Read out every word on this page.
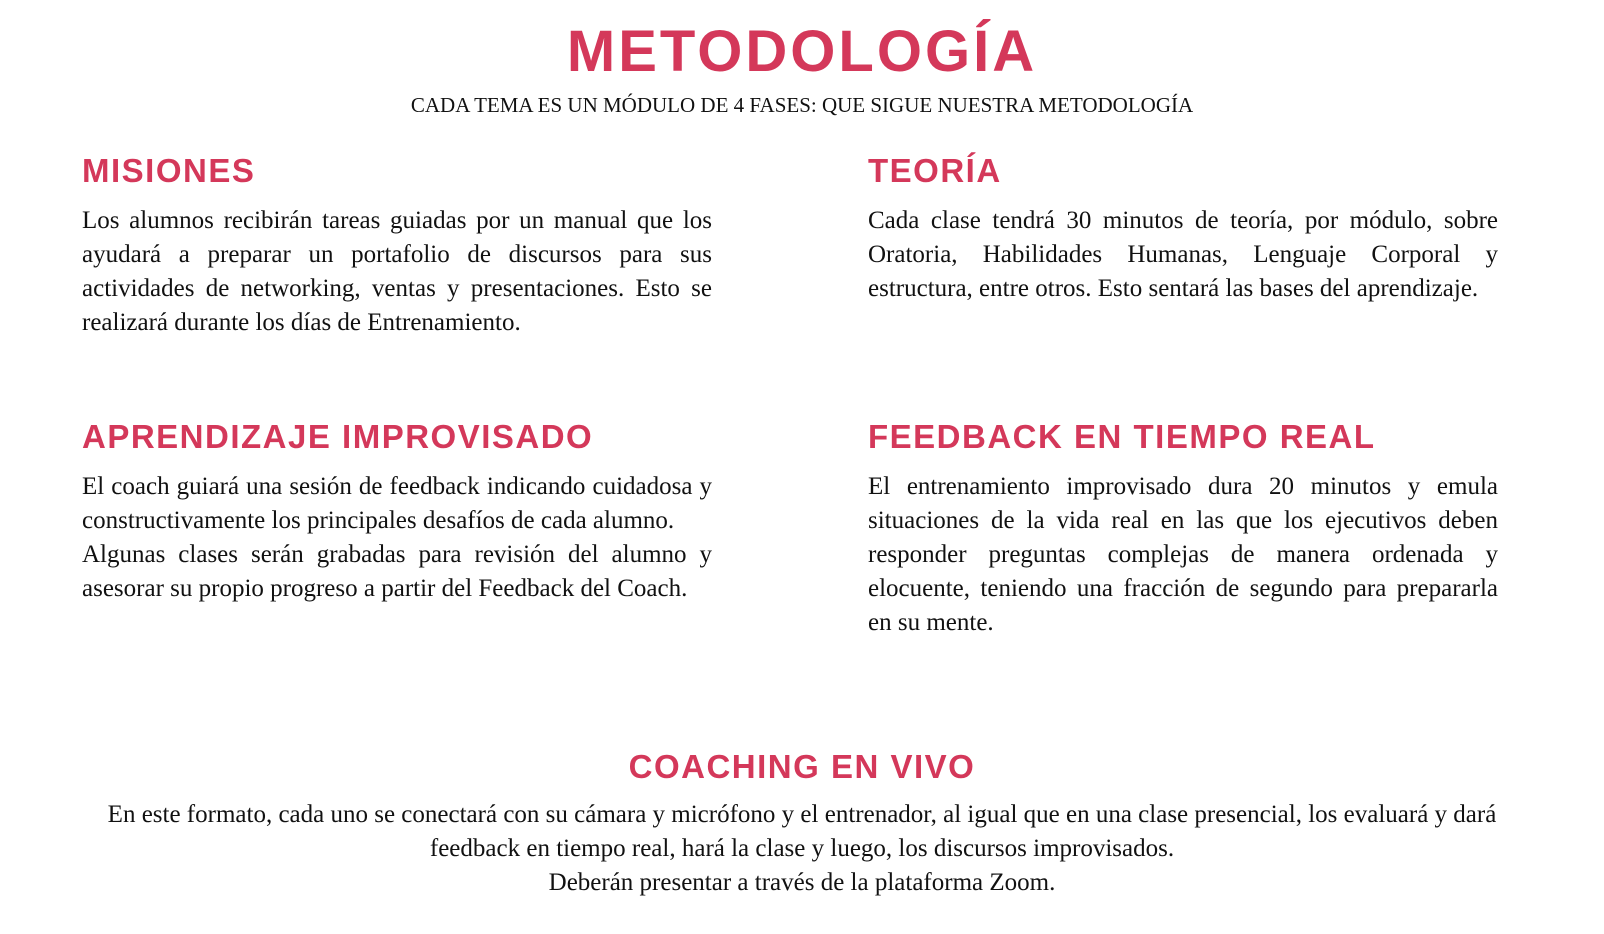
METODOLOGÍA

CADA TEMA ES UN MÓDULO DE 4 FASES: QUE SIGUE NUESTRA METODOLOGÍA

MISIONES

Los alumnos recibirán tareas guiadas por un manual que los ayudará a preparar un portafolio de discursos para sus actividades de networking, ventas y presentaciones. Esto se realizará durante los días de Entrenamiento.

TEORÍA

Cada clase tendrá 30 minutos de teoría, por módulo, sobre Oratoria, Habilidades Humanas, Lenguaje Corporal y estructura, entre otros. Esto sentará las bases del aprendizaje.

APRENDIZAJE IMPROVISADO

El coach guiará una sesión de feedback indicando cuidadosa y constructivamente los principales desafíos de cada alumno.
Algunas clases serán grabadas para revisión del alumno y asesorar su propio progreso a partir del Feedback del Coach.

FEEDBACK EN TIEMPO REAL

El entrenamiento improvisado dura 20 minutos y emula situaciones de la vida real en las que los ejecutivos deben responder preguntas complejas de manera ordenada y elocuente, teniendo una fracción de segundo para prepararla en su mente.

COACHING EN VIVO

En este formato, cada uno se conectará con su cámara y micrófono y el entrenador, al igual que en una clase presencial, los evaluará y dará feedback en tiempo real, hará la clase y luego, los discursos improvisados.
Deberán presentar a través de la plataforma Zoom.
